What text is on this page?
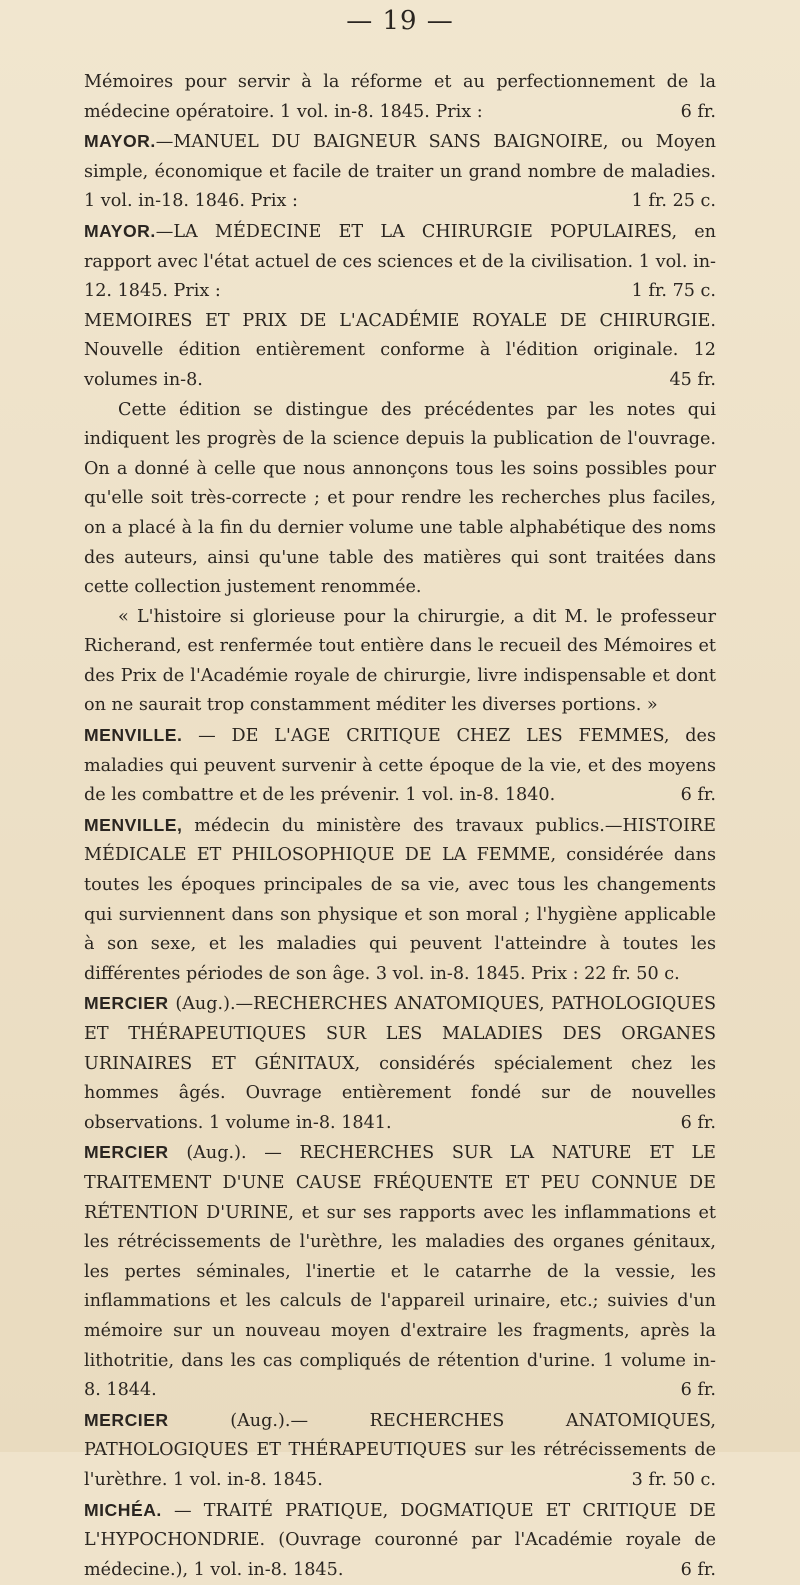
— 19 —

Mémoires pour servir à la réforme et au perfectionnement de la médecine opératoire. 1 vol. in-8. 1845. Prix :	6 fr.

MAYOR.—MANUEL DU BAIGNEUR SANS BAIGNOIRE, ou Moyen simple, économique et facile de traiter un grand nombre de maladies. 1 vol. in-18. 1846. Prix :	1 fr. 25 c.

MAYOR.—LA MÉDECINE ET LA CHIRURGIE POPULAIRES, en rapport avec l'état actuel de ces sciences et de la civilisation. 1 vol. in-12. 1845. Prix :	1 fr. 75 c.

MEMOIRES ET PRIX DE L'ACADÉMIE ROYALE DE CHIRURGIE. Nouvelle édition entièrement conforme à l'édition originale. 12 volumes in-8.	45 fr.

Cette édition se distingue des précédentes par les notes qui indiquent les progrès de la science depuis la publication de l'ouvrage. On a donné à celle que nous annonçons tous les soins possibles pour qu'elle soit très-correcte ; et pour rendre les recherches plus faciles, on a placé à la fin du dernier volume une table alphabétique des noms des auteurs, ainsi qu'une table des matières qui sont traitées dans cette collection justement renommée.

« L'histoire si glorieuse pour la chirurgie, a dit M. le professeur Richerand, est renfermée tout entière dans le recueil des Mémoires et des Prix de l'Académie royale de chirurgie, livre indispensable et dont on ne saurait trop constamment méditer les diverses portions. »

MENVILLE. — DE L'AGE CRITIQUE CHEZ LES FEMMES, des maladies qui peuvent survenir à cette époque de la vie, et des moyens de les combattre et de les prévenir. 1 vol. in-8. 1840.	6 fr.

MENVILLE, médecin du ministère des travaux publics.—HISTOIRE MÉDICALE ET PHILOSOPHIQUE DE LA FEMME, considérée dans toutes les époques principales de sa vie, avec tous les changements qui surviennent dans son physique et son moral ; l'hygiène applicable à son sexe, et les maladies qui peuvent l'atteindre à toutes les différentes périodes de son âge. 3 vol. in-8. 1845. Prix : 22 fr. 50 c.

MERCIER (Aug.).—RECHERCHES ANATOMIQUES, PATHOLOGIQUES ET THÉRAPEUTIQUES SUR LES MALADIES DES ORGANES URINAIRES ET GÉNITAUX, considérés spécialement chez les hommes âgés. Ouvrage entièrement fondé sur de nouvelles observations. 1 volume in-8. 1841.	6 fr.

MERCIER (Aug.). — RECHERCHES SUR LA NATURE ET LE TRAITEMENT D'UNE CAUSE FRÉQUENTE ET PEU CONNUE DE RÉTENTION D'URINE, et sur ses rapports avec les inflammations et les rétrécissements de l'urèthre, les maladies des organes génitaux, les pertes séminales, l'inertie et le catarrhe de la vessie, les inflammations et les calculs de l'appareil urinaire, etc.; suivies d'un mémoire sur un nouveau moyen d'extraire les fragments, après la lithotritie, dans les cas compliqués de rétention d'urine. 1 volume in-8. 1844.	6 fr.

MERCIER (Aug.).— RECHERCHES ANATOMIQUES, PATHOLOGIQUES ET THÉRAPEUTIQUES sur les rétrécissements de l'urèthre. 1 vol. in-8. 1845.	3 fr. 50 c.

MICHÉA. — TRAITÉ PRATIQUE, DOGMATIQUE ET CRITIQUE DE L'HYPOCHONDRIE. (Ouvrage couronné par l'Académie royale de médecine.), 1 vol. in-8. 1845.	6 fr.
